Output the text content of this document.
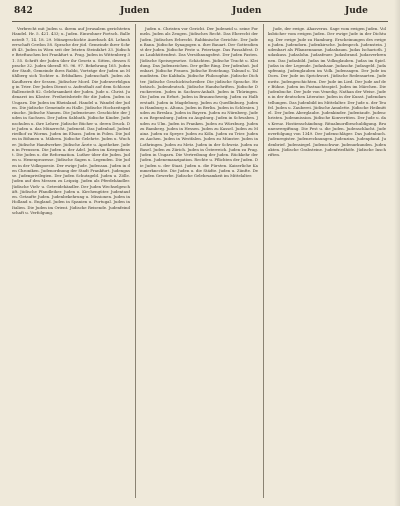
842	Juden	Juden	Jude

Verbrecht mit Juden u. ihrem auf Jerusalem gerichteten Handel. Hr. 5. 421. 433; u. Juden. Einwohner Fortsch. Ballenstedt 7, 14. 18. 29. Münzgeschichte Auerbach 48. Lehnsherrschaft Cerdon 58. Sprache der jüd. Gemeinde ihrer Schrift 43. Juden in Wien seit der letzten Steinfahrt 33. Jüdische Brieftaschen bei Frankfurt u. Prag. Juden in Wittenberg 31. 55. Schrift der Juden über ihr Gesetz u. Sitten, dessen Sprache 32. Juden überall 95. 96. 97. Bekehrung 165. Juden der Stadt, Gemeinde ihres Rabbi, Vorträge der Juden an Mühlberg sich Tochter u. Erbbalken. Judenschaft. Juden als Kaufherrn der Sessen. Jüdischer Mord. Die Judenverfolgung in Trier. Der Juden Dienst u. Aufenthalt auf dem Schlosse Ballenstedt 82. Gelehrsamkeit der Juden. Jude u. Christ. Judenarzt im Kloster. Freiheitsbriefe für die Juden. Juden in Ungarn. Die Juden im Rheinland. Handel u. Wandel der Juden. Die jüdische Gemeinde zu Halle. Jüdische Hochzeitsgebräuche. Jüdische Namen. Die Judensteuer. Geschichte der Juden in Sachsen. Der Juden Sabbath. Jüdische Kinder. Judenschulen u. ihre Lehrer. Jüdische Bücher u. deren Druck. Die Juden u. das Münzrecht. Judeneid. Das Judenbad. Judenfriedhof zu Worms. Juden im Elsass. Juden in Polen. Die Juden in Böhmen u. Mähren. Jüdische Gelehrte. Juden u. Wucher. Jüdische Handwerker. Jüdische Ärzte u. Apotheker. Juden in Preussen. Die Juden u. der Adel. Juden im Kriegsdienst. Die Juden u. die Reformation. Luther über die Juden. Juden u. Hexenprozesse. Jüdische Sagen u. Legenden. Die Juden in der Volkspoesie. Der ewige Jude. Judensau. Juden in den Chroniken. Judenordnung der Stadt Frankfurt. Judengasse. Judenprivilegien. Der Juden Schutzgeld. Juden u. Zölle. Juden auf den Messen zu Leipzig. Juden als Pferdehändler. Jüdische Vieh- u. Getreidehändler. Der Juden Wechselgeschäft. Jüdische Pfandleiher. Juden u. Kirchengüter. Judentaufen. Getaufte Juden. Judenbekehrung u. Missionen. Juden in Holland u. England. Juden in Spanien u. Portugal. Juden in Italien. Die Juden im Orient. Jüdische Reisende. Judenfeindschaft u. Verfolgung.

Juden u. Christen vor Gericht. Der Judeneid u. seine Formeln. Juden als Zeugen. Jüdisches Recht. Das Eherecht der Juden. Jüdisches Erbrecht. Rabbinische Gerichte. Der Juden Bann. Jüdische Synagogen u. ihre Bauart. Der Gottesdienst der Juden. Jüdische Feste u. Feiertage. Das Passahfest. Das Laubhüttenfest. Das Versöhnungsfest. Der Juden Fasten. Jüdische Speisegesetze. Schächten. Jüdische Tracht u. Kleidung. Das Judenzeichen. Der gelbe Ring. Der Judenhut. Judenbart. Jüdische Frauen. Jüdische Erziehung. Talmud u. Talmudisten. Die Kabbala. Jüdische Philosophie. Jüdische Dichter. Jüdische Geschichtschreiber. Die jüdische Sprache. Hebräisch. Judendeutsch. Jüdische Handschriften. Jüdische Druckereien. Juden in Sachsen-Anhalt. Juden in Thüringen. Die Juden zu Erfurt. Juden in Braunschweig. Juden zu Halberstadt. Juden in Magdeburg. Juden zu Quedlinburg. Juden in Hamburg u. Altona. Juden in Berlin. Juden in Schlesien. Juden zu Breslau. Juden in Bayern. Juden zu Nürnberg. Juden zu Regensburg. Juden zu Augsburg. Juden in Schwaben. Juden zu Ulm. Juden in Franken. Juden zu Würzburg. Juden zu Bamberg. Juden in Hessen. Juden zu Kassel. Juden zu Mainz. Juden zu Speyer. Juden zu Köln. Juden zu Trier. Juden zu Aachen. Juden in Westfalen. Juden zu Münster. Juden in Lothringen. Juden zu Metz. Juden in der Schweiz. Juden zu Basel. Juden zu Zürich. Juden in Österreich. Juden zu Prag. Juden in Ungarn. Die Vertreibung der Juden. Rückkehr der Juden. Judenemanzipation. Rechte u. Pflichten der Juden. Die Juden u. der Staat. Juden u. die Fürsten. Kaiserliche Kammerknechte. Die Juden u. die Städte. Juden u. Zünfte. Der Juden Gewerbe. Jüdische Gelehrsamkeit im Mittelalter.

Jude, der ewige. Ahasverus. Sage vom ewigen Juden. Volksbücher vom ewigen Juden. Der ewige Jude in der Dichtung. Der ewige Jude zu Hamburg. Erscheinungen des ewigen Juden. Judendorn. Judenkirsche. Judenpech. Judenstein. Judenbart als Pflanzenname. Judasbaum. Judas Ischarioth. Judaskuss. Judaslohn. Judasfeuer. Judasbrand. Judasverbrennen. Das Judasbild. Judas im Volksglauben. Judas im Spiel. Judas in der Legende. Judashaar. Judasohr. Judasgeld. Judaspfennig. Judenglauben im Volk. Judensagen. Der Jude im Dorn. Der Jude im Sprichwort. Jüdische Redensarten. Judenwitz. Judengeschichten. Der Jude im Lied. Der Jude auf der Bühne. Juden im Fastnachtsspiel. Juden im Märchen. Die Judenbuche. Der Jude von Venedig. Nathan der Weise. Juden in der deutschen Literatur. Juden in der Kunst. Judendarstellungen. Das Judenbild im Mittelalter. Der Jude u. der Teufel. Juden u. Zauberei. Jüdische Amulette. Jüdische Heilmittel. Der Juden Aberglaube. Judenkinder. Judentaufe. Judenchristen. Judenmission. Jüdische Konvertiten. Der Jude u. das Kreuz. Hostienschändung. Ritualmordbeschuldigung. Brunnenvergiftung. Die Pest u. die Juden. Judenschlacht. Judenverfolgung von 1349. Der Judenschläger. Das Judenbuch. Judenregister. Judenrechnungen. Judenzins. Judenpfand. Judenbrief. Judensiegel. Judenschwur. Judenurkunden. Judenakten. Jüdische Grabsteine. Judenfriedhöfe. Jüdische Inschriften.
